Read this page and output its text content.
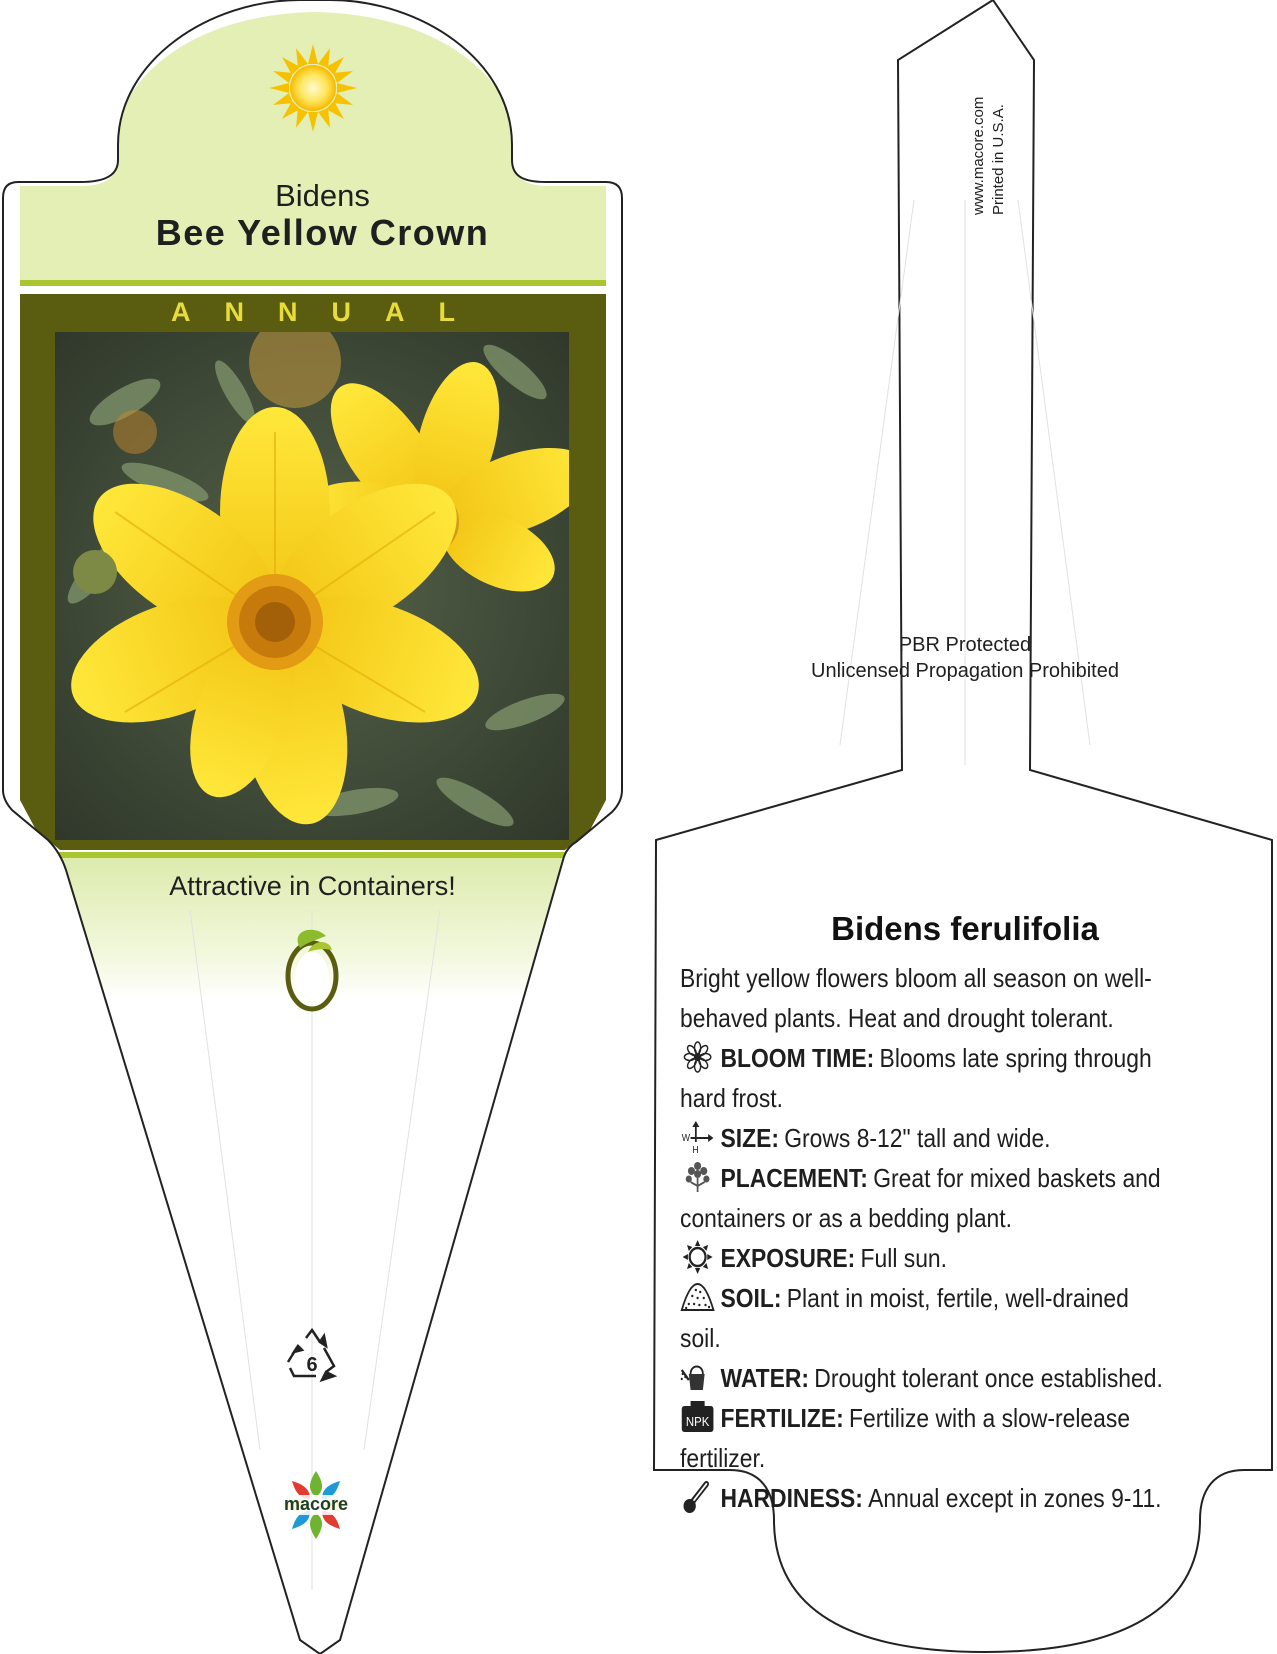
Bidens
Bee Yellow Crown
ANNUAL
Attractive in Containers!
6
macore
Printed in U.S.A.
www.macore.com
PBR Protected
Unlicensed Propagation Prohibited
Bidens ferulifolia
Bright yellow flowers bloom all season on well-behaved plants. Heat and drought tolerant.
BLOOM TIME: Blooms late spring through hard frost.
W
H SIZE: Grows 8-12" tall and wide.
PLACEMENT: Great for mixed baskets and containers or as a bedding plant.
EXPOSURE: Full sun.
SOIL: Plant in moist, fertile, well-drained soil.
WATER: Drought tolerant once established.
NPK FERTILIZE: Fertilize with a slow-release fertilizer.
HARDINESS: Annual except in zones 9-11.
